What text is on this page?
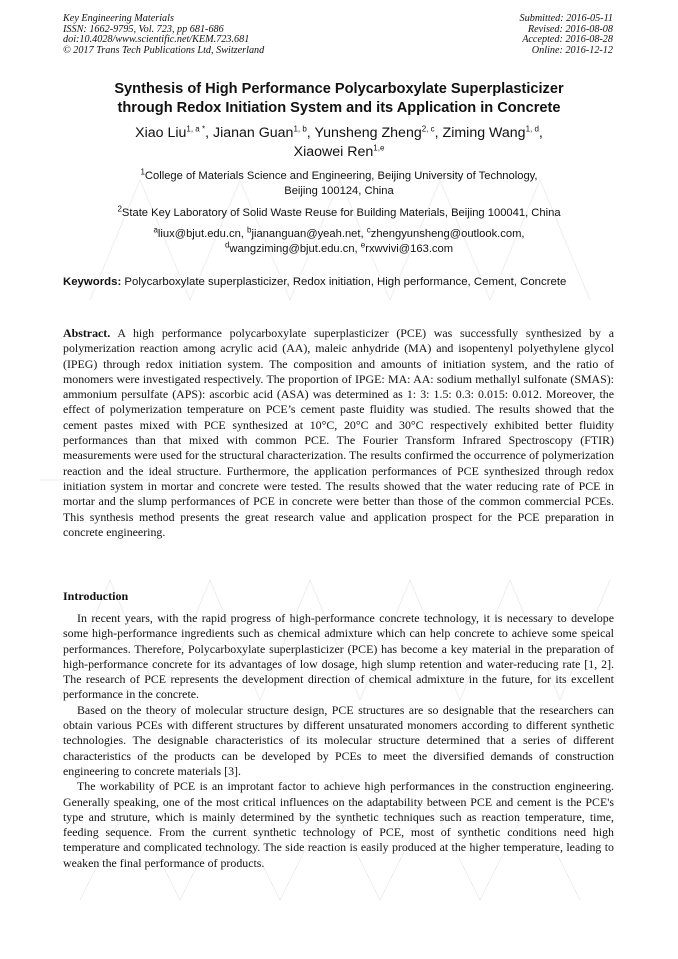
Key Engineering Materials
ISSN: 1662-9795, Vol. 723, pp 681-686
doi:10.4028/www.scientific.net/KEM.723.681
© 2017 Trans Tech Publications Ltd, Switzerland
Submitted: 2016-05-11
Revised: 2016-08-08
Accepted: 2016-08-28
Online: 2016-12-12
Synthesis of High Performance Polycarboxylate Superplasticizer
through Redox Initiation System and its Application in Concrete
Xiao Liu$^{1, a *}$, Jianan Guan$^{1, b}$, Yunsheng Zheng$^{2, c}$, Ziming Wang$^{1, d}$,
Xiaowei Ren$^{1,e}$
$^1$College of Materials Science and Engineering, Beijing University of Technology,
Beijing 100124, China
$^2$State Key Laboratory of Solid Waste Reuse for Building Materials, Beijing 100041, China
$^a$liux@bjut.edu.cn, $^b$jiananguan@yeah.net, $^c$zhengyunsheng@outlook.com,
$^d$wangziming@bjut.edu.cn, $^e$rxwvivi@163.com
Keywords: Polycarboxylate superplasticizer, Redox initiation, High performance, Cement, Concrete
Abstract. A high performance polycarboxylate superplasticizer (PCE) was successfully synthesized by a polymerization reaction among acrylic acid (AA), maleic anhydride (MA) and isopentenyl polyethylene glycol (IPEG) through redox initiation system. The composition and amounts of initiation system, and the ratio of monomers were investigated respectively. The proportion of IPGE: MA: AA: sodium methallyl sulfonate (SMAS): ammonium persulfate (APS): ascorbic acid (ASA) was determined as 1: 3: 1.5: 0.3: 0.015: 0.012. Moreover, the effect of polymerization temperature on PCE’s cement paste fluidity was studied. The results showed that the cement pastes mixed with PCE synthesized at 10°C, 20°C and 30°C respectively exhibited better fluidity performances than that mixed with common PCE. The Fourier Transform Infrared Spectroscopy (FTIR) measurements were used for the structural characterization. The results confirmed the occurrence of polymerization reaction and the ideal structure. Furthermore, the application performances of PCE synthesized through redox initiation system in mortar and concrete were tested. The results showed that the water reducing rate of PCE in mortar and the slump performances of PCE in concrete were better than those of the common commercial PCEs. This synthesis method presents the great research value and application prospect for the PCE preparation in concrete engineering.
Introduction

In recent years, with the rapid progress of high-performance concrete technology, it is necessary to develope some high-performance ingredients such as chemical admixture which can help concrete to achieve some speical performances. Therefore, Polycarboxylate superplasticizer (PCE) has become a key material in the preparation of high-performance concrete for its advantages of low dosage, high slump retention and water-reducing rate [1, 2]. The research of PCE represents the development direction of chemical admixture in the future, for its excellent performance in the concrete.

Based on the theory of molecular structure design, PCE structures are so designable that the researchers can obtain various PCEs with different structures by different unsaturated monomers according to different synthetic technologies. The designable characteristics of its molecular structure determined that a series of different characteristics of the products can be developed by PCEs to meet the diversified demands of construction engineering to concrete materials [3].

The workability of PCE is an improtant factor to achieve high performances in the construction engineering. Generally speaking, one of the most critical influences on the adaptability between PCE and cement is the PCE's type and struture, which is mainly determined by the synthetic techniques such as reaction temperature, time, feeding sequence. From the current synthetic technology of PCE, most of synthetic conditions need high temperature and complicated technology. The side reaction is easily produced at the higher temperature, leading to weaken the final performance of products.
